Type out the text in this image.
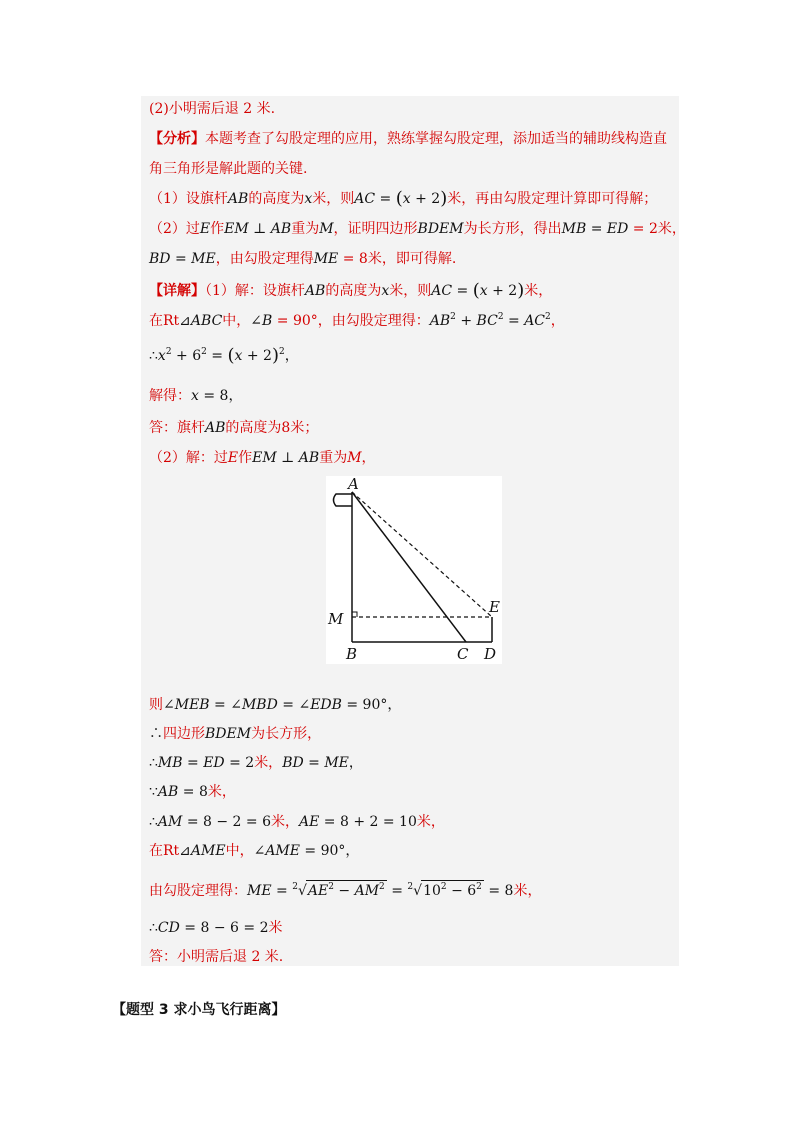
(2)小明需后退 2 米.
【分析】本题考查了勾股定理的应用，熟练掌握勾股定理，添加适当的辅助线构造直
角三角形是解此题的关键.
（1）设旗杆AB的高度为x米，则AC = (x + 2)米，再由勾股定理计算即可得解；
（2）过E作EM ⊥ AB重为M，证明四边形BDEM为长方形，得出MB = ED = 2米，
BD = ME，由勾股定理得ME = 8米，即可得解.
【详解】（1）解：设旗杆AB的高度为x米，则AC = (x + 2)米，
在Rt⊿ABC中，∠B = 90°，由勾股定理得：$AB^2 + BC^2 = AC^2$，
$\therefore x^2 + 6^2 = (x + 2)^2$，
解得：x = 8，
答：旗杆AB的高度为8米；
（2）解：过E作EM ⊥ AB重为M，
A
M
B	C D
E
则∠MEB = ∠MBD = ∠EDB = 90°，
∴四边形BDEM为长方形，
∴MB = ED = 2米，BD = ME，
∵AB = 8米，
∴AM = 8 − 2 = 6米，AE = 8 + 2 = 10米，
在Rt⊿AME中，∠AME = 90°，
由勾股定理得：ME = $^2√AE^2 - AM^2 = ^2√10^2 - 6^2 = 8$米，
∴CD = 8 − 6 = 2米
答：小明需后退 2 米.
【题型 3 求小鸟飞行距离】
